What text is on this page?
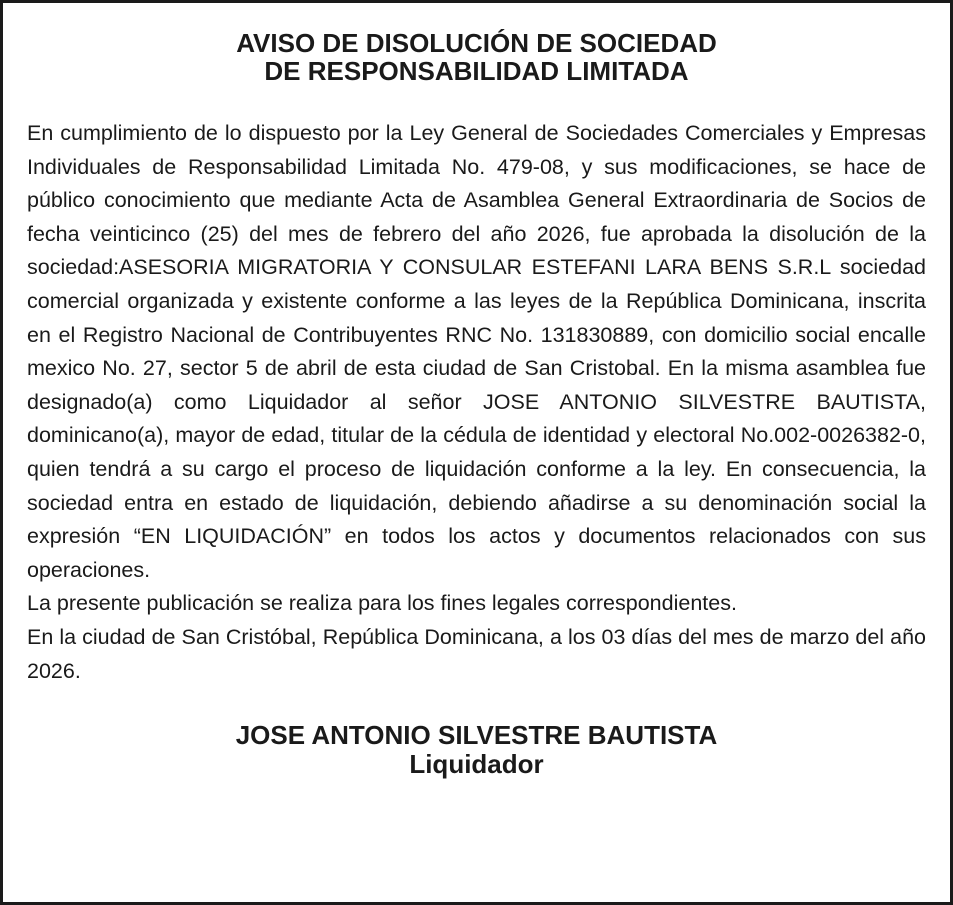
AVISO DE DISOLUCIÓN DE SOCIEDAD
DE RESPONSABILIDAD LIMITADA

En cumplimiento de lo dispuesto por la Ley General de Sociedades Comerciales y Empresas Individuales de Responsabilidad Limitada No. 479-08, y sus modificaciones, se hace de público conocimiento que mediante Acta de Asamblea General Extraordinaria de Socios de fecha veinticinco (25) del mes de febrero del año 2026, fue aprobada la disolución de la sociedad:ASESORIA MIGRATORIA Y CONSULAR ESTEFANI LARA BENS S.R.L sociedad comercial organizada y existente conforme a las leyes de la República Dominicana, inscrita en el Registro Nacional de Contribuyentes RNC No. 131830889, con domicilio social encalle mexico No. 27, sector 5 de abril de esta ciudad de San Cristobal. En la misma asamblea fue designado(a) como Liquidador al señor JOSE ANTONIO SILVESTRE BAUTISTA, dominicano(a), mayor de edad, titular de la cédula de identidad y electoral No.002-0026382-0, quien tendrá a su cargo el proceso de liquidación conforme a la ley. En consecuencia, la sociedad entra en estado de liquidación, debiendo añadirse a su denominación social la expresión “EN LIQUIDACIÓN” en todos los actos y documentos relacionados con sus operaciones.

La presente publicación se realiza para los fines legales correspondientes.

En la ciudad de San Cristóbal, República Dominicana, a los 03 días del mes de marzo del año 2026.

JOSE ANTONIO SILVESTRE BAUTISTA
Liquidador
